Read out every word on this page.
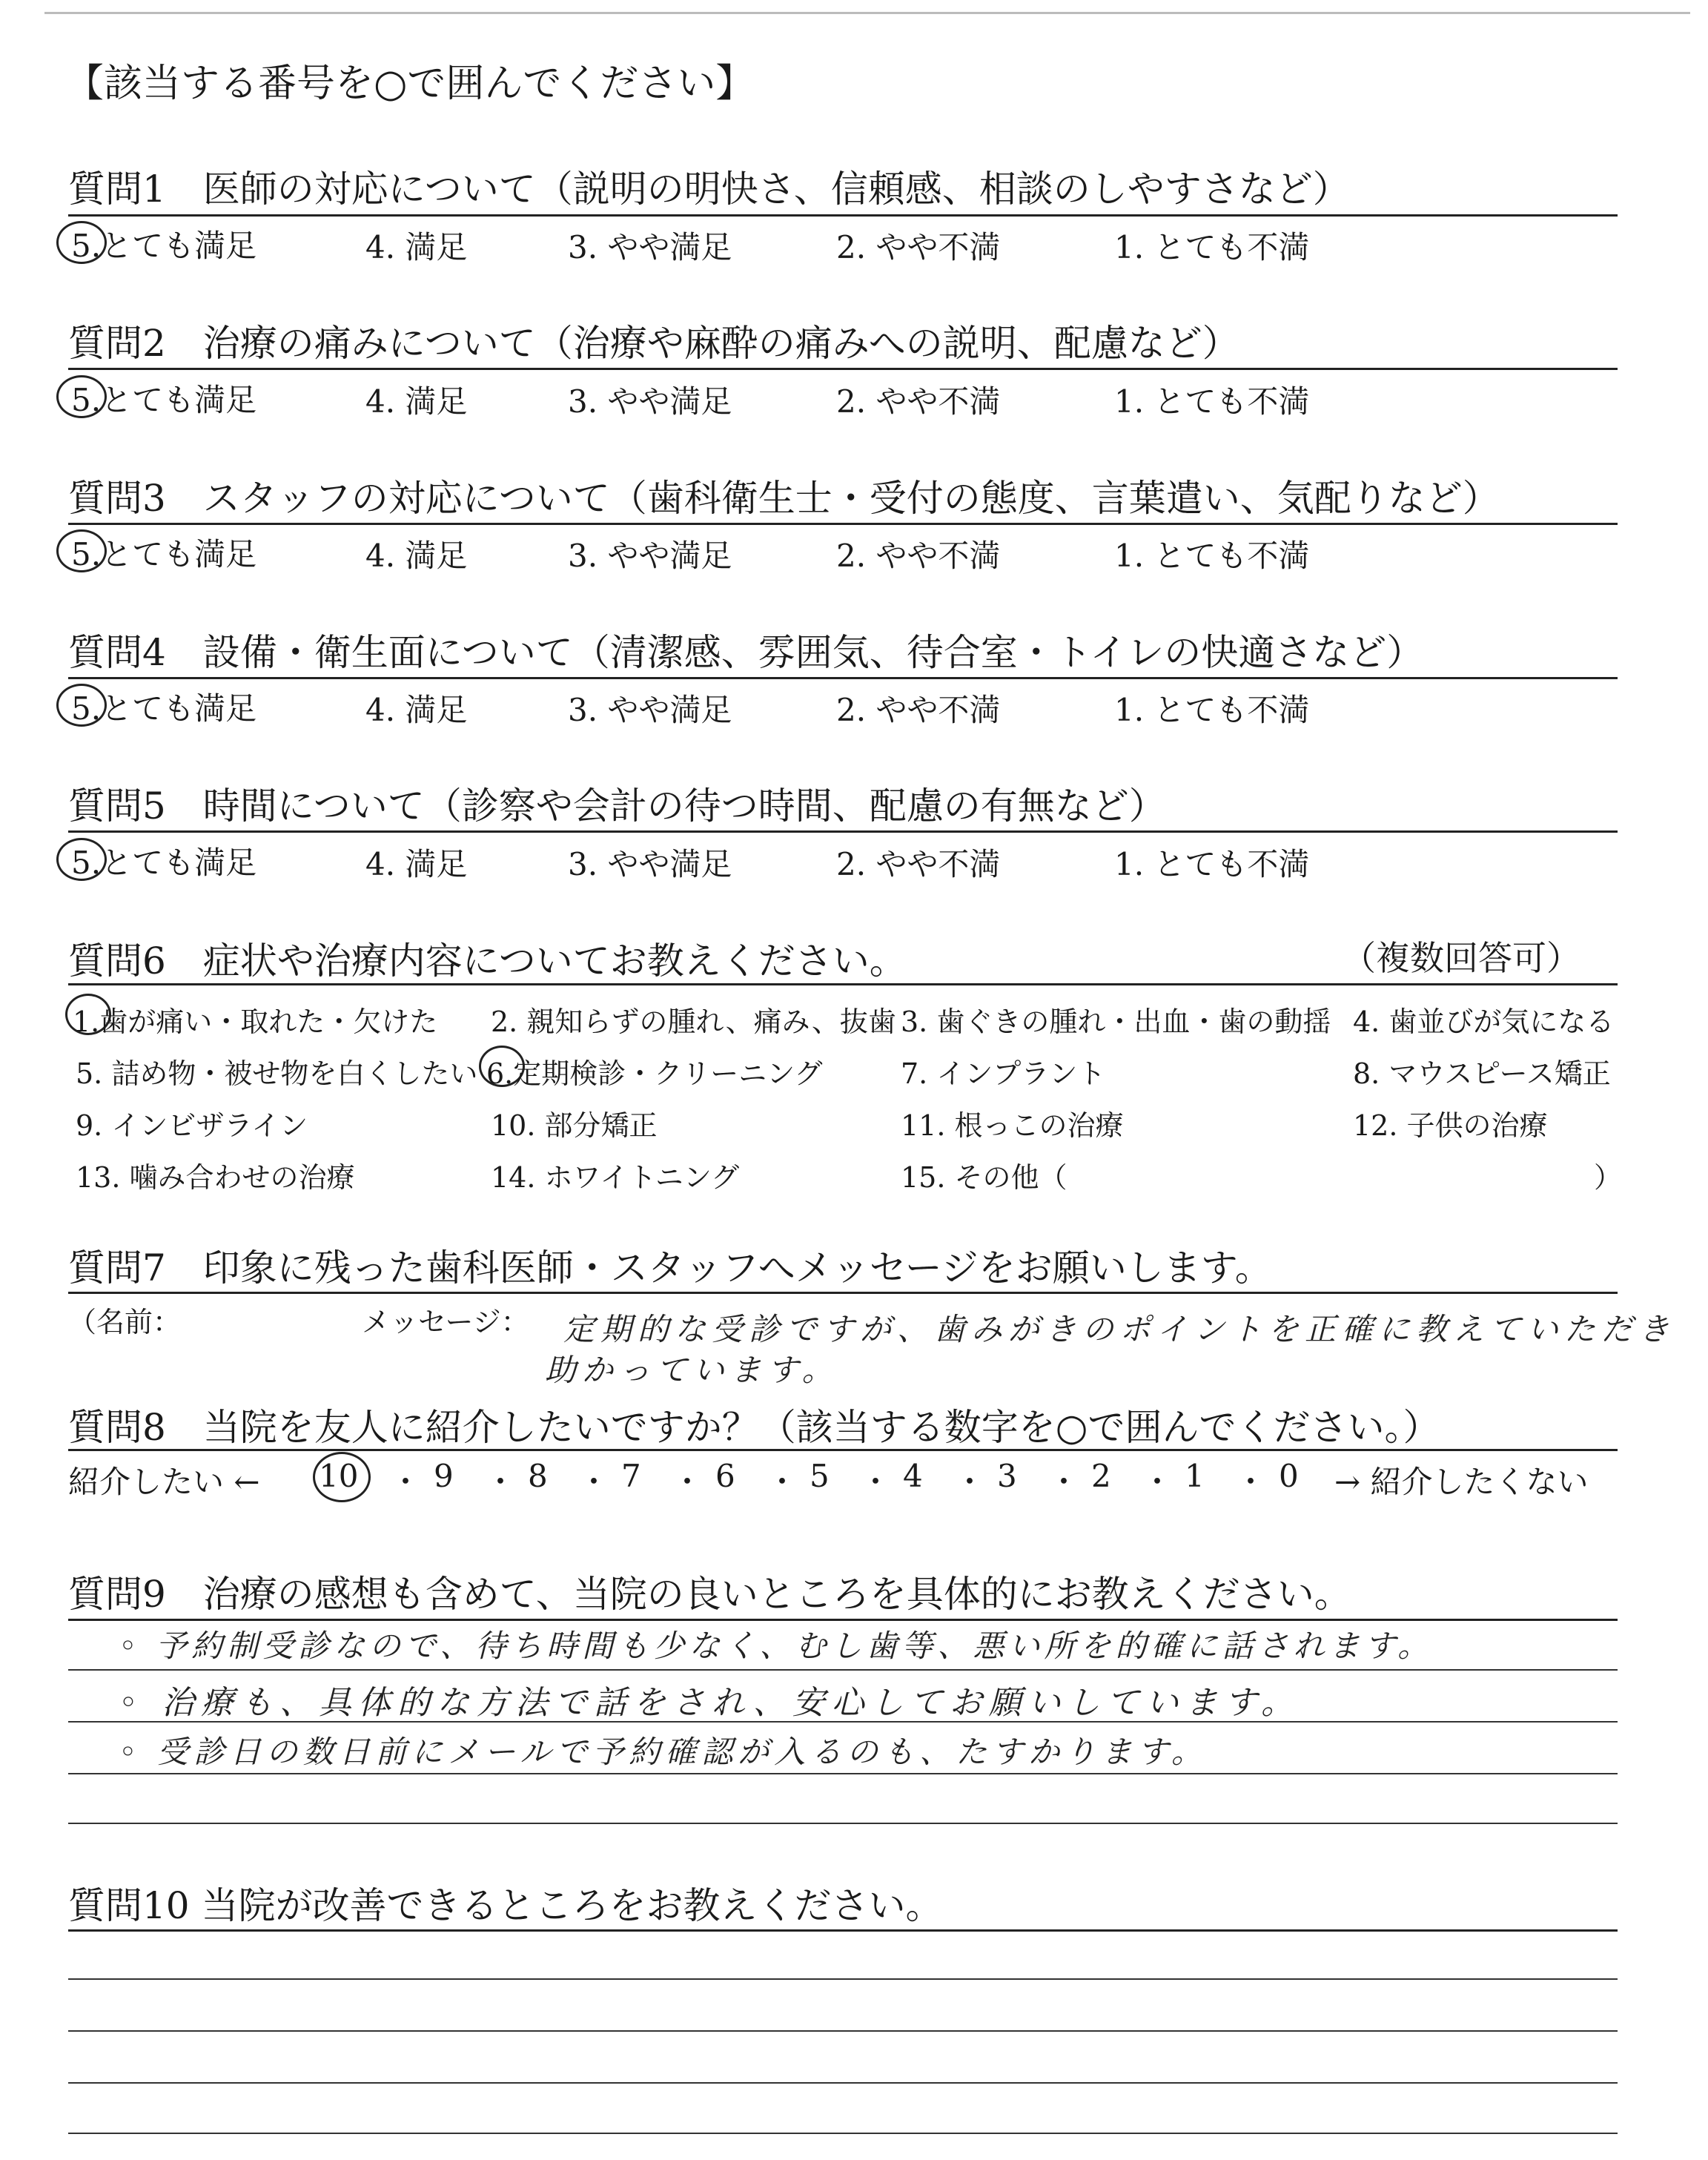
【該当する番号を○で囲んでください】
質問1　医師の対応について（説明の明快さ、信頼感、相談のしやすさなど）
5.とても満足	4. 満足	3. やや満足	2. やや不満	1. とても不満
質問2　治療の痛みについて（治療や麻酔の痛みへの説明、配慮など）
5.とても満足	4. 満足	3. やや満足	2. やや不満	1. とても不満
質問3　スタッフの対応について（歯科衛生士・受付の態度、言葉遣い、気配りなど）
5.とても満足	4. 満足	3. やや満足	2. やや不満	1. とても不満
質問4　設備・衛生面について（清潔感、雰囲気、待合室・トイレの快適さなど）
5.とても満足	4. 満足	3. やや満足	2. やや不満	1. とても不満
質問5　時間について（診察や会計の待つ時間、配慮の有無など）
5.とても満足	4. 満足	3. やや満足	2. やや不満	1. とても不満
質問6　症状や治療内容についてお教えください。	（複数回答可）
1.歯が痛い・取れた・欠けた 2. 親知らずの腫れ、痛み、抜歯 3. 歯ぐきの腫れ・出血・歯の動揺 4. 歯並びが気になる
5. 詰め物・被せ物を白くしたい 6.定期検診・クリーニング	7. インプラント	8. マウスピース矯正
9. インビザライン	10. 部分矯正	11. 根っこの治療	12. 子供の治療
13. 噛み合わせの治療	14. ホワイトニング	15. その他（	）
質問7　印象に残った歯科医師・スタッフへメッセージをお願いします。
（名前：	メッセージ： 定期的な受診ですが、歯みがきのポイントを正確に教えていただき
助かっています。
質問8　当院を友人に紹介したいですか？（該当する数字を○で囲んでください。）
紹介したい ← 10 ・ 9 ・ 8 ・ 7 ・ 6 ・ 5 ・ 4 ・ 3 ・ 2 ・ 1 ・ 0 → 紹介したくない
質問9　治療の感想も含めて、当院の良いところを具体的にお教えください。
◦ 予約制受診なので、待ち時間も少なく、むし歯等、悪い所を的確に話されます。
◦ 治療も、具体的な方法で話をされ、安心してお願いしています。
◦ 受診日の数日前にメールで予約確認が入るのも、たすかります。
質問10 当院が改善できるところをお教えください。
